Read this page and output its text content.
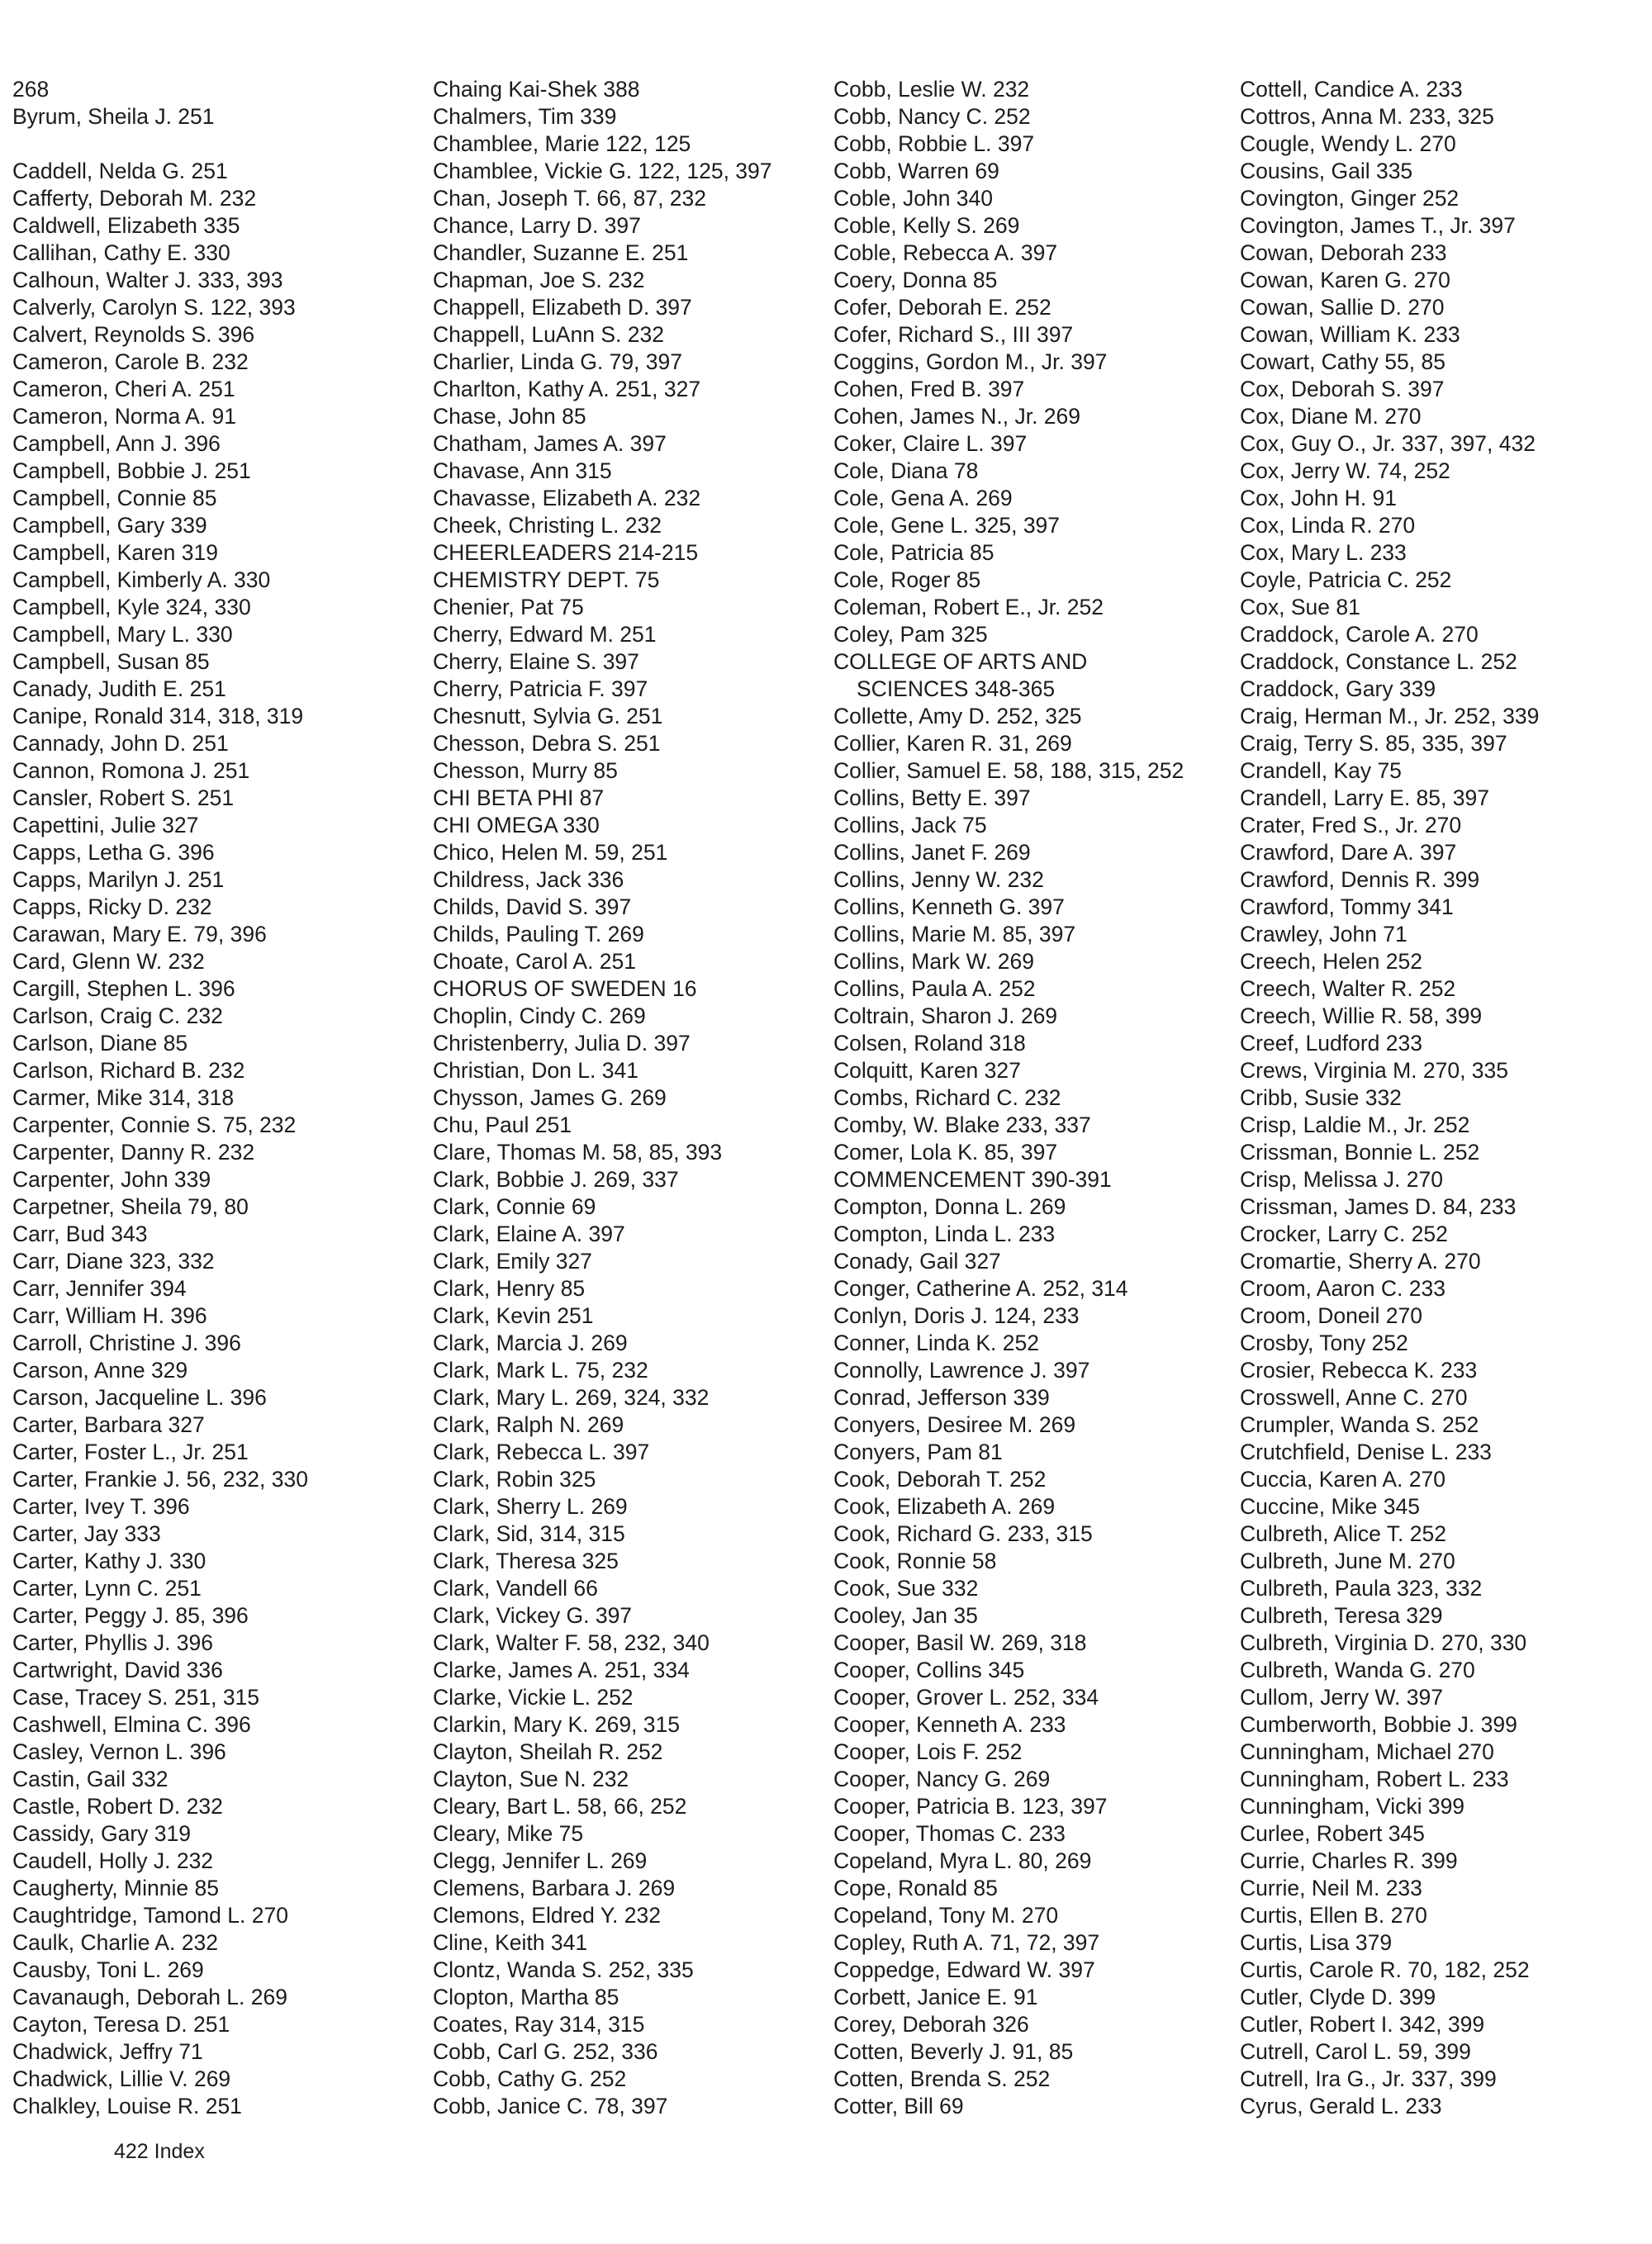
268
Byrum, Sheila J. 251
Caddell, Nelda G. 251
Cafferty, Deborah M. 232
Caldwell, Elizabeth 335
Callihan, Cathy E. 330
Calhoun, Walter J. 333, 393
Calverly, Carolyn S. 122, 393
Calvert, Reynolds S. 396
Cameron, Carole B. 232
Cameron, Cheri A. 251
Cameron, Norma A. 91
Campbell, Ann J. 396
Campbell, Bobbie J. 251
Campbell, Connie 85
Campbell, Gary 339
Campbell, Karen 319
Campbell, Kimberly A. 330
Campbell, Kyle 324, 330
Campbell, Mary L. 330
Campbell, Susan 85
Canady, Judith E. 251
Canipe, Ronald 314, 318, 319
Cannady, John D. 251
Cannon, Romona J. 251
Cansler, Robert S. 251
Capettini, Julie 327
Capps, Letha G. 396
Capps, Marilyn J. 251
Capps, Ricky D. 232
Carawan, Mary E. 79, 396
Card, Glenn W. 232
Cargill, Stephen L. 396
Carlson, Craig C. 232
Carlson, Diane 85
Carlson, Richard B. 232
Carmer, Mike 314, 318
Carpenter, Connie S. 75, 232
Carpenter, Danny R. 232
Carpenter, John 339
Carpetner, Sheila 79, 80
Carr, Bud 343
Carr, Diane 323, 332
Carr, Jennifer 394
Carr, William H. 396
Carroll, Christine J. 396
Carson, Anne 329
Carson, Jacqueline L. 396
Carter, Barbara 327
Carter, Foster L., Jr. 251
Carter, Frankie J. 56, 232, 330
Carter, Ivey T. 396
Carter, Jay 333
Carter, Kathy J. 330
Carter, Lynn C. 251
Carter, Peggy J. 85, 396
Carter, Phyllis J. 396
Cartwright, David 336
Case, Tracey S. 251, 315
Cashwell, Elmina C. 396
Casley, Vernon L. 396
Castin, Gail 332
Castle, Robert D. 232
Cassidy, Gary 319
Caudell, Holly J. 232
Caugherty, Minnie 85
Caughtridge, Tamond L. 270
Caulk, Charlie A. 232
Causby, Toni L. 269
Cavanaugh, Deborah L. 269
Cayton, Teresa D. 251
Chadwick, Jeffry 71
Chadwick, Lillie V. 269
Chalkley, Louise R. 251
Chaing Kai-Shek 388
Chalmers, Tim 339
Chamblee, Marie 122, 125
Chamblee, Vickie G. 122, 125, 397
Chan, Joseph T. 66, 87, 232
Chance, Larry D. 397
Chandler, Suzanne E. 251
Chapman, Joe S. 232
Chappell, Elizabeth D. 397
Chappell, LuAnn S. 232
Charlier, Linda G. 79, 397
Charlton, Kathy A. 251, 327
Chase, John 85
Chatham, James A. 397
Chavase, Ann 315
Chavasse, Elizabeth A. 232
Cheek, Christing L. 232
CHEERLEADERS 214-215
CHEMISTRY DEPT. 75
Chenier, Pat 75
Cherry, Edward M. 251
Cherry, Elaine S. 397
Cherry, Patricia F. 397
Chesnutt, Sylvia G. 251
Chesson, Debra S. 251
Chesson, Murry 85
CHI BETA PHI 87
CHI OMEGA 330
Chico, Helen M. 59, 251
Childress, Jack 336
Childs, David S. 397
Childs, Pauling T. 269
Choate, Carol A. 251
CHORUS OF SWEDEN 16
Choplin, Cindy C. 269
Christenberry, Julia D. 397
Christian, Don L. 341
Chysson, James G. 269
Chu, Paul 251
Clare, Thomas M. 58, 85, 393
Clark, Bobbie J. 269, 337
Clark, Connie 69
Clark, Elaine A. 397
Clark, Emily 327
Clark, Henry 85
Clark, Kevin 251
Clark, Marcia J. 269
Clark, Mark L. 75, 232
Clark, Mary L. 269, 324, 332
Clark, Ralph N. 269
Clark, Rebecca L. 397
Clark, Robin 325
Clark, Sherry L. 269
Clark, Sid, 314, 315
Clark, Theresa 325
Clark, Vandell 66
Clark, Vickey G. 397
Clark, Walter F. 58, 232, 340
Clarke, James A. 251, 334
Clarke, Vickie L. 252
Clarkin, Mary K. 269, 315
Clayton, Sheilah R. 252
Clayton, Sue N. 232
Cleary, Bart L. 58, 66, 252
Cleary, Mike 75
Clegg, Jennifer L. 269
Clemens, Barbara J. 269
Clemons, Eldred Y. 232
Cline, Keith 341
Clontz, Wanda S. 252, 335
Clopton, Martha 85
Coates, Ray 314, 315
Cobb, Carl G. 252, 336
Cobb, Cathy G. 252
Cobb, Janice C. 78, 397
Cobb, Leslie W. 232
Cobb, Nancy C. 252
Cobb, Robbie L. 397
Cobb, Warren 69
Coble, John 340
Coble, Kelly S. 269
Coble, Rebecca A. 397
Coery, Donna 85
Cofer, Deborah E. 252
Cofer, Richard S., III 397
Coggins, Gordon M., Jr. 397
Cohen, Fred B. 397
Cohen, James N., Jr. 269
Coker, Claire L. 397
Cole, Diana 78
Cole, Gena A. 269
Cole, Gene L. 325, 397
Cole, Patricia 85
Cole, Roger 85
Coleman, Robert E., Jr. 252
Coley, Pam 325
COLLEGE OF ARTS AND
SCIENCES 348-365
Collette, Amy D. 252, 325
Collier, Karen R. 31, 269
Collier, Samuel E. 58, 188, 315, 252
Collins, Betty E. 397
Collins, Jack 75
Collins, Janet F. 269
Collins, Jenny W. 232
Collins, Kenneth G. 397
Collins, Marie M. 85, 397
Collins, Mark W. 269
Collins, Paula A. 252
Coltrain, Sharon J. 269
Colsen, Roland 318
Colquitt, Karen 327
Combs, Richard C. 232
Comby, W. Blake 233, 337
Comer, Lola K. 85, 397
COMMENCEMENT 390-391
Compton, Donna L. 269
Compton, Linda L. 233
Conady, Gail 327
Conger, Catherine A. 252, 314
Conlyn, Doris J. 124, 233
Conner, Linda K. 252
Connolly, Lawrence J. 397
Conrad, Jefferson 339
Conyers, Desiree M. 269
Conyers, Pam 81
Cook, Deborah T. 252
Cook, Elizabeth A. 269
Cook, Richard G. 233, 315
Cook, Ronnie 58
Cook, Sue 332
Cooley, Jan 35
Cooper, Basil W. 269, 318
Cooper, Collins 345
Cooper, Grover L. 252, 334
Cooper, Kenneth A. 233
Cooper, Lois F. 252
Cooper, Nancy G. 269
Cooper, Patricia B. 123, 397
Cooper, Thomas C. 233
Copeland, Myra L. 80, 269
Cope, Ronald 85
Copeland, Tony M. 270
Copley, Ruth A. 71, 72, 397
Coppedge, Edward W. 397
Corbett, Janice E. 91
Corey, Deborah 326
Cotten, Beverly J. 91, 85
Cotten, Brenda S. 252
Cotter, Bill 69
Cottell, Candice A. 233
Cottros, Anna M. 233, 325
Cougle, Wendy L. 270
Cousins, Gail 335
Covington, Ginger 252
Covington, James T., Jr. 397
Cowan, Deborah 233
Cowan, Karen G. 270
Cowan, Sallie D. 270
Cowan, William K. 233
Cowart, Cathy 55, 85
Cox, Deborah S. 397
Cox, Diane M. 270
Cox, Guy O., Jr. 337, 397, 432
Cox, Jerry W. 74, 252
Cox, John H. 91
Cox, Linda R. 270
Cox, Mary L. 233
Coyle, Patricia C. 252
Cox, Sue 81
Craddock, Carole A. 270
Craddock, Constance L. 252
Craddock, Gary 339
Craig, Herman M., Jr. 252, 339
Craig, Terry S. 85, 335, 397
Crandell, Kay 75
Crandell, Larry E. 85, 397
Crater, Fred S., Jr. 270
Crawford, Dare A. 397
Crawford, Dennis R. 399
Crawford, Tommy 341
Crawley, John 71
Creech, Helen 252
Creech, Walter R. 252
Creech, Willie R. 58, 399
Creef, Ludford 233
Crews, Virginia M. 270, 335
Cribb, Susie 332
Crisp, Laldie M., Jr. 252
Crissman, Bonnie L. 252
Crisp, Melissa J. 270
Crissman, James D. 84, 233
Crocker, Larry C. 252
Cromartie, Sherry A. 270
Croom, Aaron C. 233
Croom, Doneil 270
Crosby, Tony 252
Crosier, Rebecca K. 233
Crosswell, Anne C. 270
Crumpler, Wanda S. 252
Crutchfield, Denise L. 233
Cuccia, Karen A. 270
Cuccine, Mike 345
Culbreth, Alice T. 252
Culbreth, June M. 270
Culbreth, Paula 323, 332
Culbreth, Teresa 329
Culbreth, Virginia D. 270, 330
Culbreth, Wanda G. 270
Cullom, Jerry W. 397
Cumberworth, Bobbie J. 399
Cunningham, Michael 270
Cunningham, Robert L. 233
Cunningham, Vicki 399
Curlee, Robert 345
Currie, Charles R. 399
Currie, Neil M. 233
Curtis, Ellen B. 270
Curtis, Lisa 379
Curtis, Carole R. 70, 182, 252
Cutler, Clyde D. 399
Cutler, Robert I. 342, 399
Cutrell, Carol L. 59, 399
Cutrell, Ira G., Jr. 337, 399
Cyrus, Gerald L. 233
422 Index
